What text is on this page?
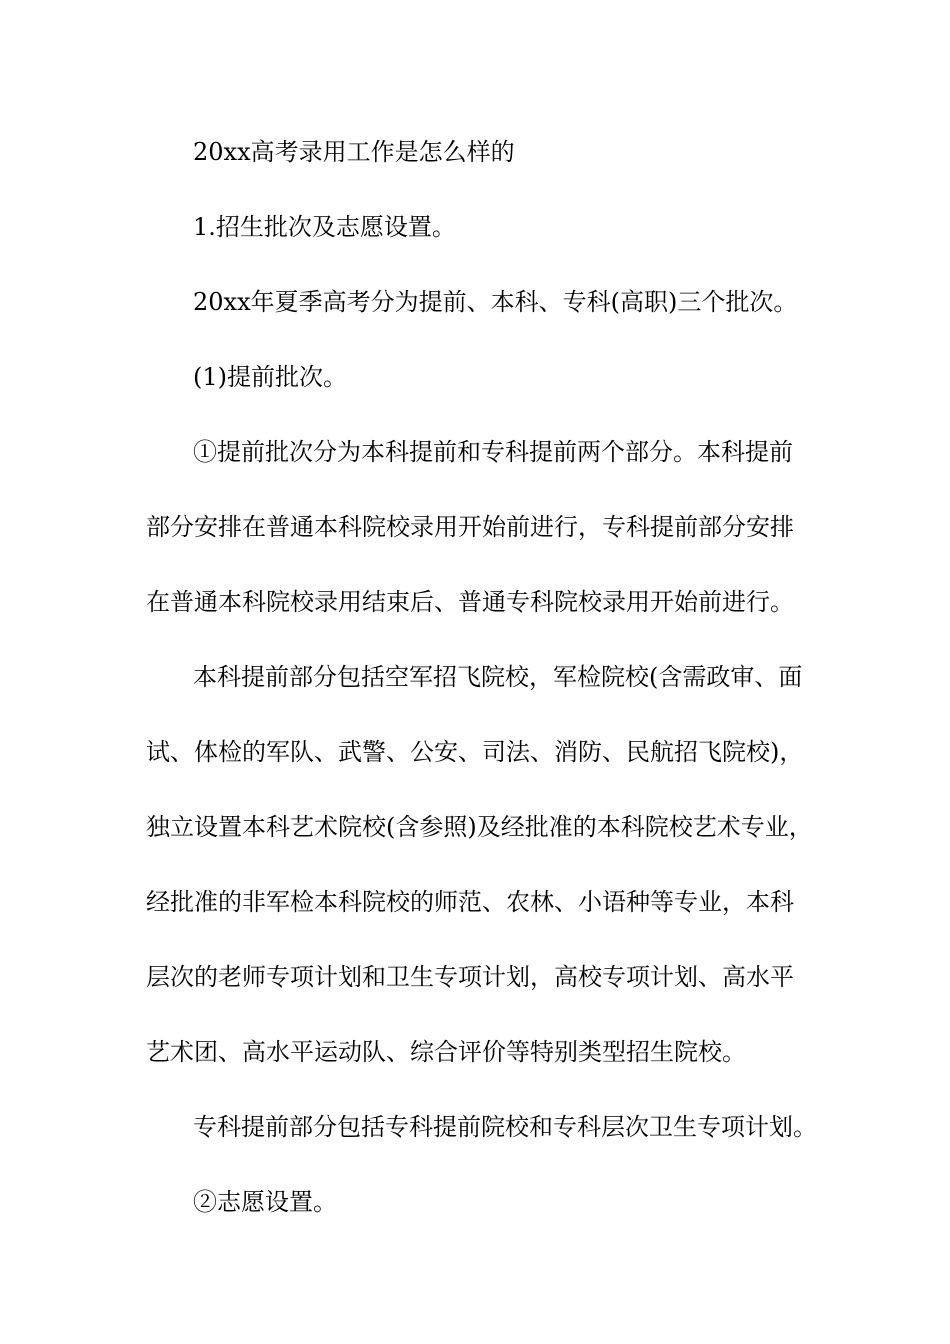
20xx高考录用工作是怎么样的

1.招生批次及志愿设置。

20xx年夏季高考分为提前、本科、专科(高职)三个批次。

(1)提前批次。

①提前批次分为本科提前和专科提前两个部分。本科提前

部分安排在普通本科院校录用开始前进行，专科提前部分安排

在普通本科院校录用结束后、普通专科院校录用开始前进行。

本科提前部分包括空军招飞院校，军检院校(含需政审、面

试、体检的军队、武警、公安、司法、消防、民航招飞院校)，

独立设置本科艺术院校(含参照)及经批准的本科院校艺术专业，

经批准的非军检本科院校的师范、农林、小语种等专业，本科

层次的老师专项计划和卫生专项计划，高校专项计划、高水平

艺术团、高水平运动队、综合评价等特别类型招生院校。

专科提前部分包括专科提前院校和专科层次卫生专项计划。

②志愿设置。
